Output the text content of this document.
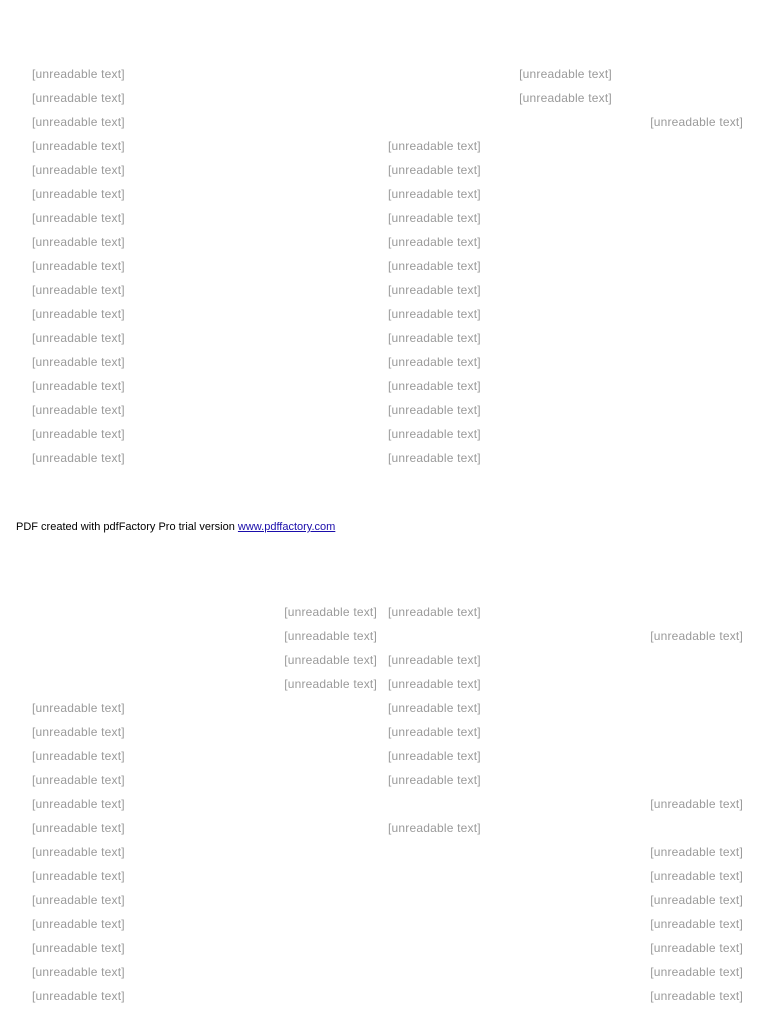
[unreadable text]
[unreadable text]
[unreadable text]
[unreadable text]
[unreadable text]
[unreadable text]
[unreadable text]
[unreadable text]
[unreadable text]
[unreadable text]
[unreadable text]
[unreadable text]
[unreadable text]
[unreadable text]
[unreadable text]
[unreadable text]
[unreadable text]
[unreadable text]
[unreadable text]
[unreadable text]
[unreadable text]
[unreadable text]
[unreadable text]
[unreadable text]
[unreadable text]
[unreadable text]
[unreadable text]
[unreadable text]
[unreadable text]
[unreadable text]
[unreadable text]
[unreadable text]
[unreadable text]
[unreadable text]
PDF created with pdfFactory Pro trial version www.pdffactory.com
[unreadable text]
[unreadable text]
[unreadable text]
[unreadable text]
[unreadable text]
[unreadable text]
[unreadable text]
[unreadable text]
[unreadable text]
[unreadable text]
[unreadable text]
[unreadable text]
[unreadable text]
[unreadable text]
[unreadable text]
[unreadable text]
[unreadable text]
[unreadable text]
[unreadable text]
[unreadable text]
[unreadable text]
[unreadable text]
[unreadable text]
[unreadable text]
[unreadable text]
[unreadable text]
[unreadable text]
[unreadable text]
[unreadable text]
[unreadable text]
[unreadable text]
[unreadable text]
[unreadable text]
[unreadable text]
